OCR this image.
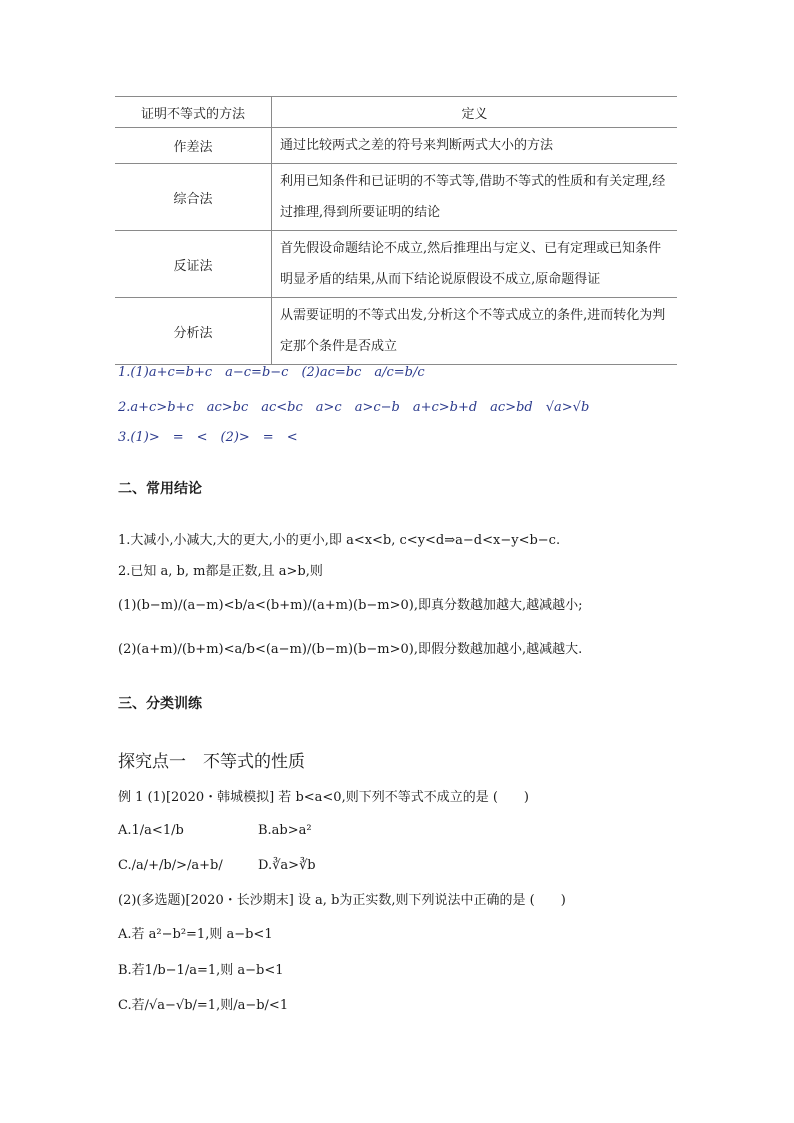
证明不等式的方法	定义
作差法	通过比较两式之差的符号来判断两式大小的方法
综合法	利用已知条件和已证明的不等式等,借助不等式的性质和有关定理,经过推理,得到所要证明的结论
反证法	首先假设命题结论不成立,然后推理出与定义、已有定理或已知条件明显矛盾的结果,从而下结论说原假设不成立,原命题得证
分析法	从需要证明的不等式出发,分析这个不等式成立的条件,进而转化为判定那个条件是否成立
1.(1)a+c=b+c　a−c=b−c　(2)ac=bc　a/c=b/c
2.a+c>b+c　ac>bc　ac<bc　a>c　a>c−b　a+c>b+d　ac>bd　√a>√b
3.(1)>　=　<　(2)>　=　<
二、常用结论
1.大减小,小减大,大的更大,小的更小,即 a<x<b, c<y<d⇒a−d<x−y<b−c.
2.已知 a, b, m都是正数,且 a>b,则
(1)(b−m)/(a−m)<b/a<(b+m)/(a+m)(b−m>0),即真分数越加越大,越减越小;
(2)(a+m)/(b+m)<a/b<(a−m)/(b−m)(b−m>0),即假分数越加越小,越减越大.
三、分类训练
探究点一　不等式的性质
例 1 (1)[2020・韩城模拟] 若 b<a<0,则下列不等式不成立的是 (　　)
A.1/a<1/b	B.ab>a²
C./a/+/b/>/a+b/	D.∛a>∛b
(2)(多选题)[2020・长沙期末] 设 a, b为正实数,则下列说法中正确的是 (　　)
A.若 a²−b²=1,则 a−b<1
B.若1/b−1/a=1,则 a−b<1
C.若/√a−√b/=1,则/a−b/<1
